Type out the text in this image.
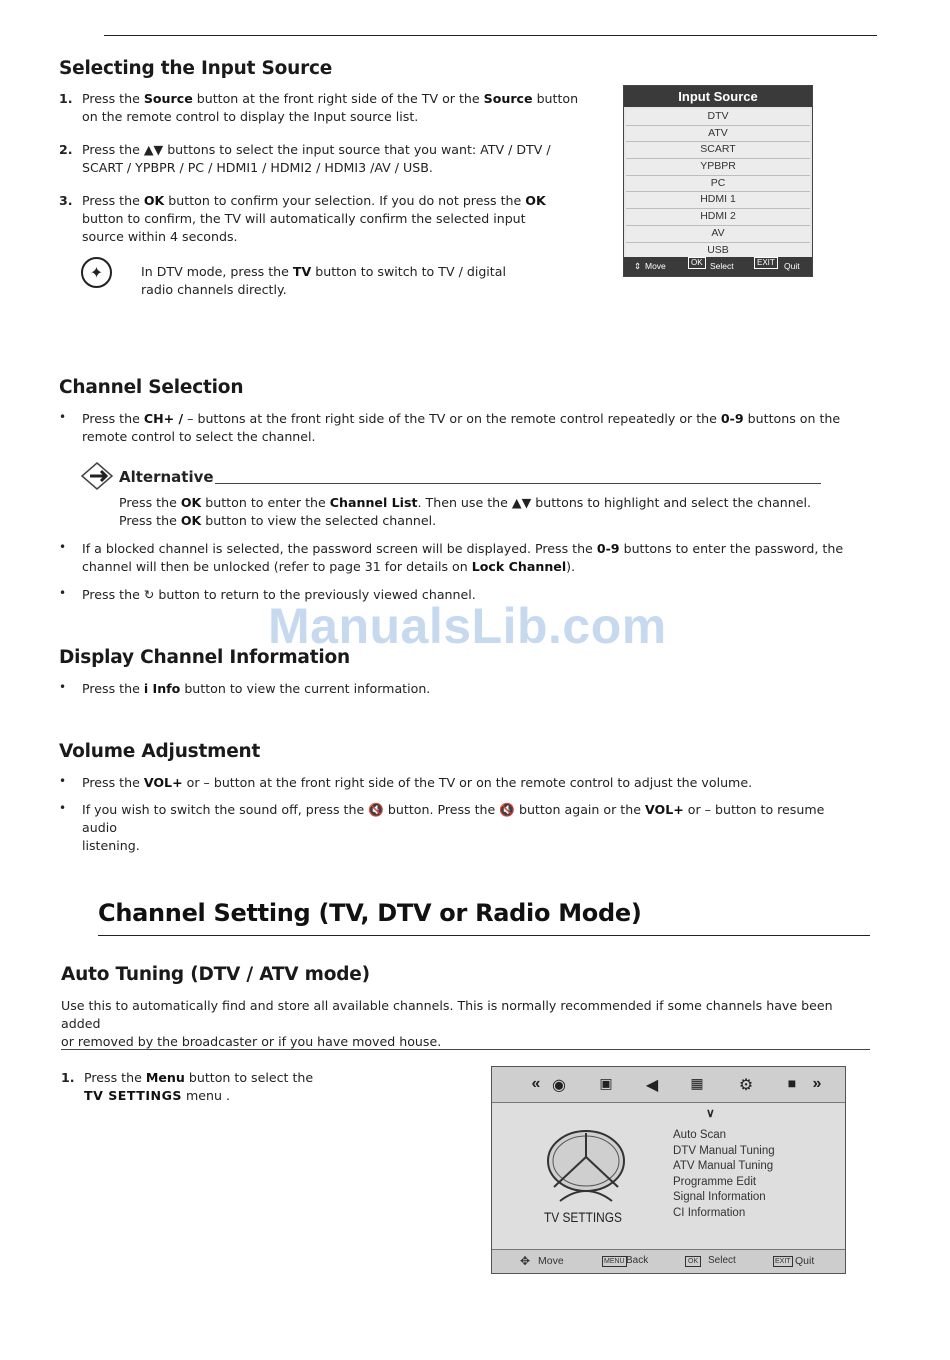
Selecting the Input Source
1. Press the Source button at the front right side of the TV or the Source button
on the remote control to display the Input source list.
2. Press the ▲▼ buttons to select the input source that you want: ATV / DTV /
SCART / YPBPR / PC / HDMI1 / HDMI2 / HDMI3 /AV / USB.
3. Press the OK button to confirm your selection. If you do not press the OK
button to confirm, the TV will automatically confirm the selected input
source within 4 seconds.
✦	In DTV mode, press the TV button to switch to TV / digital
radio channels directly.
Input Source
DTV
ATV
SCART
YPBPR
PC
HDMI 1
HDMI 2
AV
USB
⇕ Move	OK Select	EXIT	Quit
Channel Selection
• Press the CH+ / – buttons at the front right side of the TV or on the remote control repeatedly or the 0-9 buttons on the
remote control to select the channel.
Alternative
Press the OK button to enter the Channel List. Then use the ▲▼ buttons to highlight and select the channel.
Press the OK button to view the selected channel.
• If a blocked channel is selected, the password screen will be displayed. Press the 0-9 buttons to enter the password, the
channel will then be unlocked (refer to page 31 for details on Lock Channel).
• Press the ↻ button to return to the previously viewed channel.
ManualsLib.com
Display Channel Information
• Press the i Info button to view the current information.
Volume Adjustment
• Press the VOL+ or – button at the front right side of the TV or on the remote control to adjust the volume.
• If you wish to switch the sound off, press the 🔇 button. Press the 🔇 button again or the VOL+ or – button to resume audio
listening.
Channel Setting (TV, DTV or Radio Mode)
Auto Tuning (DTV / ATV mode)
Use this to automatically find and store all available channels. This is normally recommended if some channels have been added
or removed by the broadcaster or if you have moved house.
1. Press the Menu button to select the
TV SETTINGS menu .
« ◉	▣	◀	▦ ⚙	■	»
∨
TV SETTINGS
Auto Scan
DTV Manual Tuning
ATV Manual Tuning
Programme Edit
Signal Information
CI Information
✥ Move	MENU Back	OK Select	EXIT Quit
